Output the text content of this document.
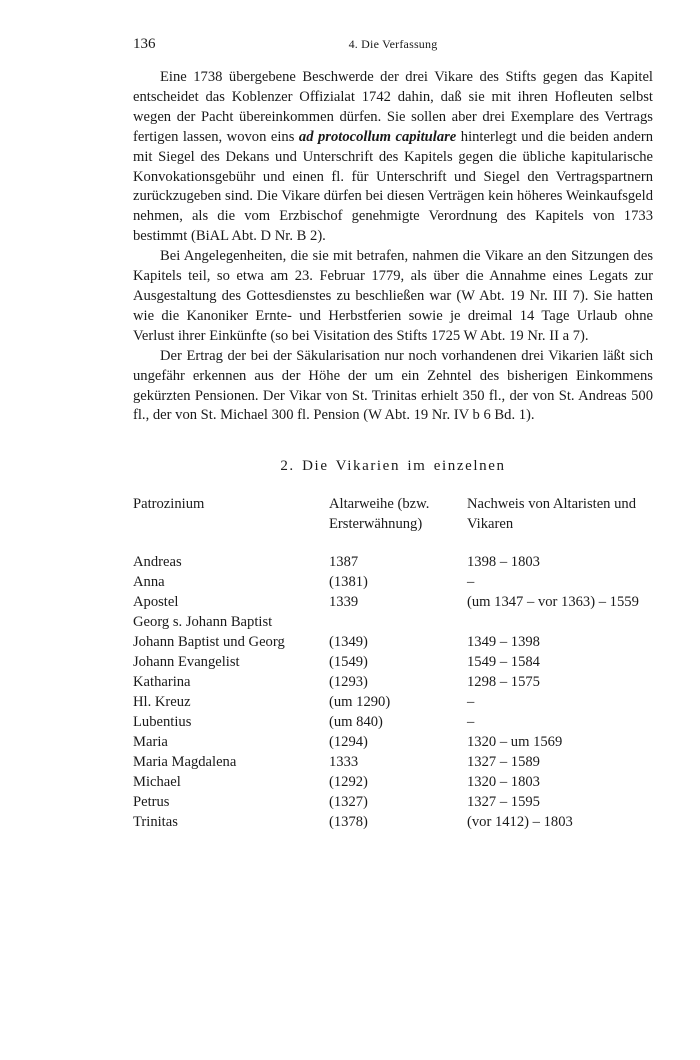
136	4. Die Verfassung

Eine 1738 übergebene Beschwerde der drei Vikare des Stifts gegen das Kapitel entscheidet das Koblenzer Offizialat 1742 dahin, daß sie mit ihren Hofleuten selbst wegen der Pacht übereinkommen dürfen. Sie sollen aber drei Exemplare des Vertrags fertigen lassen, wovon eins ad protocollum capitulare hinterlegt und die beiden andern mit Siegel des Dekans und Unterschrift des Kapitels gegen die übliche kapitularische Konvokationsgebühr und einen fl. für Unterschrift und Siegel den Vertragspartnern zurückzugeben sind. Die Vikare dürfen bei diesen Verträgen kein höheres Weinkaufsgeld nehmen, als die vom Erzbischof genehmigte Verordnung des Kapitels von 1733 bestimmt (BiAL Abt. D Nr. B 2).

Bei Angelegenheiten, die sie mit betrafen, nahmen die Vikare an den Sitzungen des Kapitels teil, so etwa am 23. Februar 1779, als über die Annahme eines Legats zur Ausgestaltung des Gottesdienstes zu beschließen war (W Abt. 19 Nr. III 7). Sie hatten wie die Kanoniker Ernte- und Herbstferien sowie je dreimal 14 Tage Urlaub ohne Verlust ihrer Einkünfte (so bei Visitation des Stifts 1725 W Abt. 19 Nr. II a 7).

Der Ertrag der bei der Säkularisation nur noch vorhandenen drei Vikarien läßt sich ungefähr erkennen aus der Höhe der um ein Zehntel des bisherigen Einkommens gekürzten Pensionen. Der Vikar von St. Trinitas erhielt 350 fl., der von St. Andreas 500 fl., der von St. Michael 300 fl. Pension (W Abt. 19 Nr. IV b 6 Bd. 1).

2. Die Vikarien im einzelnen
Patrozinium	Altarweihe (bzw. Ersterwähnung)	Nachweis von Altaristen und Vikaren
Andreas	1387	1398 – 1803
Anna	(1381)	–
Apostel	1339	(um 1347 – vor 1363) – 1559
Georg s. Johann Baptist		
Johann Baptist und Georg	(1349)	1349 – 1398
Johann Evangelist	(1549)	1549 – 1584
Katharina	(1293)	1298 – 1575
Hl. Kreuz	(um 1290)	–
Lubentius	(um 840)	–
Maria	(1294)	1320 – um 1569
Maria Magdalena	1333	1327 – 1589
Michael	(1292)	1320 – 1803
Petrus	(1327)	1327 – 1595
Trinitas	(1378)	(vor 1412) – 1803
